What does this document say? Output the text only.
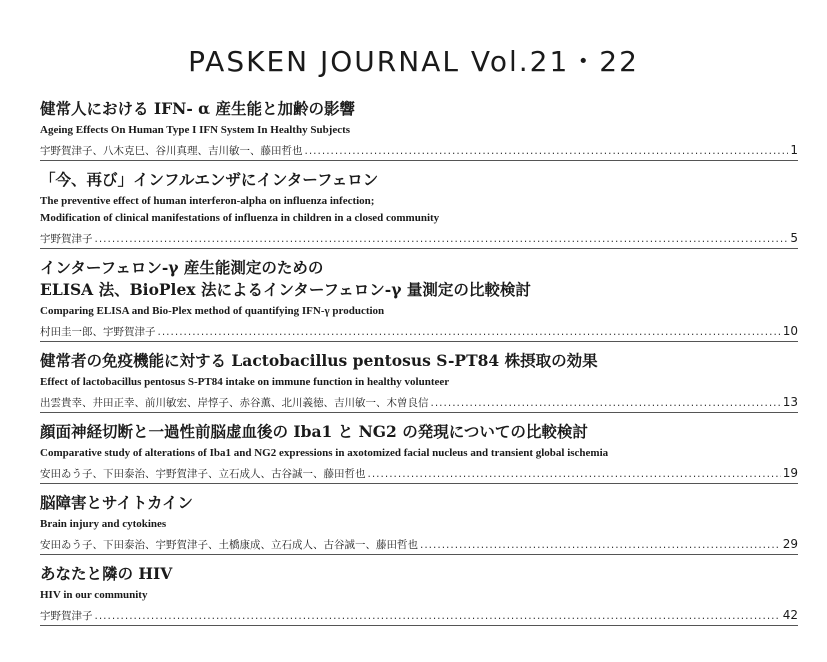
PASKEN JOURNAL Vol.21・22
健常人における IFN- α 産生能と加齢の影響
Ageing Effects On Human Type I IFN System In Healthy Subjects
宇野賀津子、八木克巳、谷川真理、吉川敏一、藤田哲也 .....	1
「今、再び」インフルエンザにインターフェロン
The preventive effect of human interferon-alpha on influenza infection;
Modification of clinical manifestations of influenza in children in a closed community
宇野賀津子 .....	5
インターフェロン-γ 産生能測定のための
ELISA 法、BioPlex 法によるインターフェロン-γ 量測定の比較検討
Comparing ELISA and Bio-Plex method of quantifying IFN-γ production
村田圭一郎、宇野賀津子 .....	10
健常者の免疫機能に対する Lactobacillus pentosus S-PT84 株摂取の効果
Effect of lactobacillus pentosus S-PT84 intake on immune function in healthy volunteer
出雲貴幸、井田正幸、前川敏宏、岸惇子、赤谷薫、北川義徳、吉川敏一、木曽良信 .....	13
顔面神経切断と一過性前脳虚血後の Iba1 と NG2 の発現についての比較検討
Comparative study of alterations of Iba1 and NG2 expressions in axotomized facial nucleus and transient global ischemia
安田ゐう子、下田泰治、宇野賀津子、立石成人、古谷誠一、藤田哲也 .....	19
脳障害とサイトカイン
Brain injury and cytokines
安田ゐう子、下田泰治、宇野賀津子、土橋康成、立石成人、古谷誠一、藤田哲也 .....	29
あなたと隣の HIV
HIV in our community
宇野賀津子 .....	42
